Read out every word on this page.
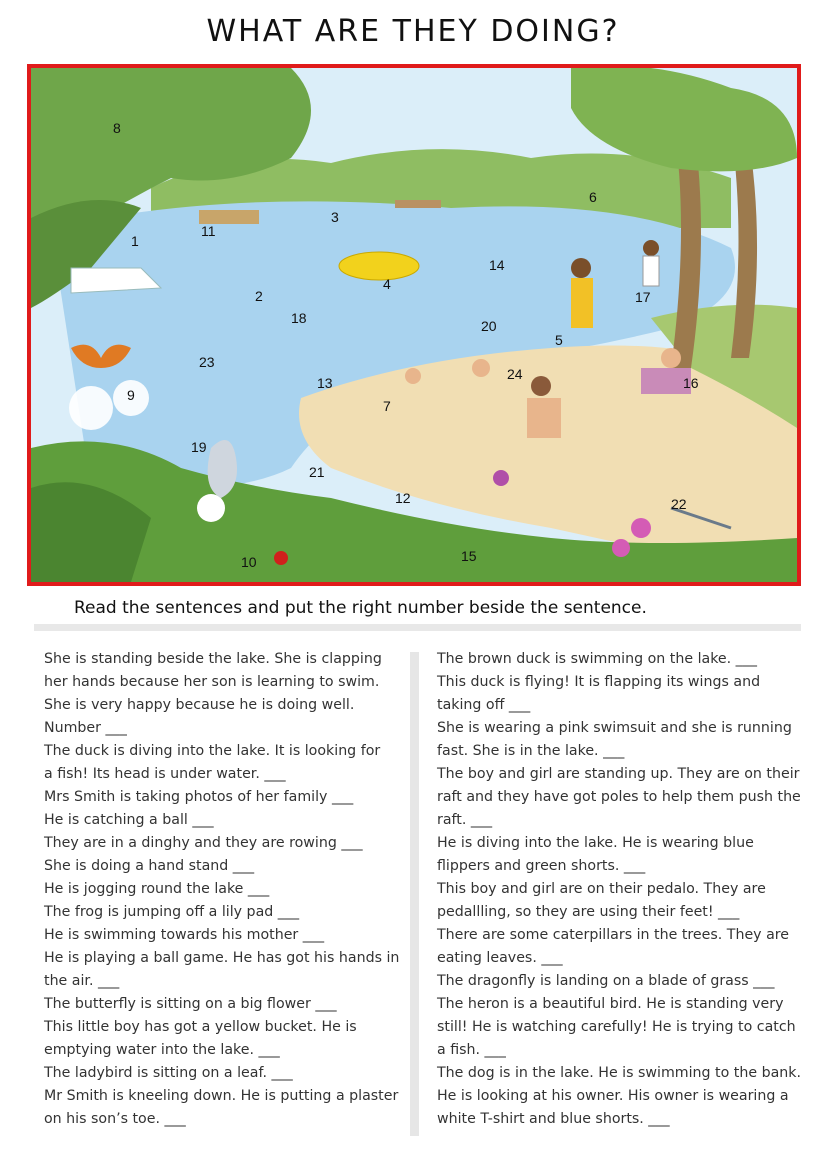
WHAT ARE THEY DOING?
1
2
3
4
5
6
7
8
9
10
11
12
13
14
15
16
17
18
19
20
21
22
23
24
Read the sentences and put the right number beside the sentence.

She is standing beside the lake. She is clapping

her hands because her son is learning to swim.

She is very happy because he is doing well.

Number ___

The duck is diving into the lake. It is looking for

a fish! Its head is under water. ___

Mrs Smith is taking photos of her family ___

He is catching a ball ___

They are in a dinghy and they are rowing ___

She is doing a hand stand ___

He is jogging round the lake ___

The frog is jumping off a lily pad ___

He is swimming towards his mother ___

He is playing a ball game. He has got his hands in

the air. ___

The butterfly is sitting on a big flower ___

This little boy has got a yellow bucket. He is

emptying water into the lake. ___

The ladybird is sitting on a leaf. ___

Mr Smith is kneeling down. He is putting a plaster

on his son’s toe. ___

The brown duck is swimming on the lake. ___

This duck is flying! It is flapping its wings and

taking off ___

She is wearing a pink swimsuit and she is running

fast. She is in the lake. ___

The boy and girl are standing up. They are on their

raft and they have got poles to help them push the

raft. ___

He is diving into the lake. He is wearing blue

flippers and green shorts. ___

This boy and girl are on their pedalo. They are

pedallling, so they are using their feet! ___

There are some caterpillars in the trees. They are

eating leaves. ___

The dragonfly is landing on a blade of grass ___

The heron is a beautiful bird. He is standing very

still! He is watching carefully! He is trying to catch

a fish. ___

The dog is in the lake. He is swimming to the bank.

He is looking at his owner. His owner is wearing a

white T-shirt and blue shorts. ___
